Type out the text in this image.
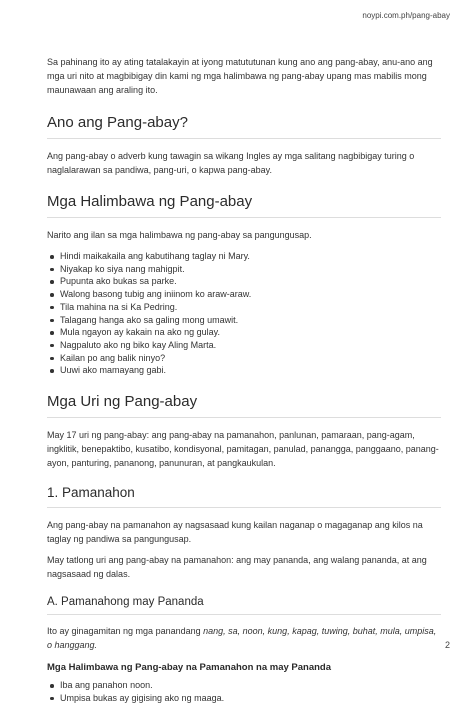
noypi.com.ph/pang-abay

Sa pahinang ito ay ating tatalakayin at iyong matututunan kung ano ang pang-abay, anu-ano ang mga uri nito at magbibigay din kami ng mga halimbawa ng pang-abay upang mas mabilis mong maunawaan ang araling ito.

Ano ang Pang-abay?

Ang pang-abay o adverb kung tawagin sa wikang Ingles ay mga salitang nagbibigay turing o naglalarawan sa pandiwa, pang-uri, o kapwa pang-abay.

Mga Halimbawa ng Pang-abay

Narito ang ilan sa mga halimbawa ng pang-abay sa pangungusap.

Hindi maikakaila ang kabutihang taglay ni Mary.
Niyakap ko siya nang mahigpit.
Pupunta ako bukas sa parke.
Walong basong tubig ang iniinom ko araw-araw.
Tila mahina na si Ka Pedring.
Talagang hanga ako sa galing mong umawit.
Mula ngayon ay kakain na ako ng gulay.
Nagpaluto ako ng biko kay Aling Marta.
Kailan po ang balik ninyo?
Uuwi ako mamayang gabi.
Mga Uri ng Pang-abay

May 17 uri ng pang-abay: ang pang-abay na pamanahon, panlunan, pamaraan, pang-agam, ingklitik, benepaktibo, kusatibo, kondisyonal, pamitagan, panulad, panangga, panggaano, panang-ayon, panturing, pananong, panunuran, at pangkaukulan.

1. Pamanahon

Ang pang-abay na pamanahon ay nagsasaad kung kailan naganap o magaganap ang kilos na taglay ng pandiwa sa pangungusap.

May tatlong uri ang pang-abay na pamanahon: ang may pananda, ang walang pananda, at ang nagsasaad ng dalas.

A. Pamanahong may Pananda

Ito ay ginagamitan ng mga panandang nang, sa, noon, kung, kapag, tuwing, buhat, mula, umpisa, o hanggang.

Mga Halimbawa ng Pang-abay na Pamanahon na may Pananda
Iba ang panahon noon.
Umpisa bukas ay gigising ako ng maaga.
2
